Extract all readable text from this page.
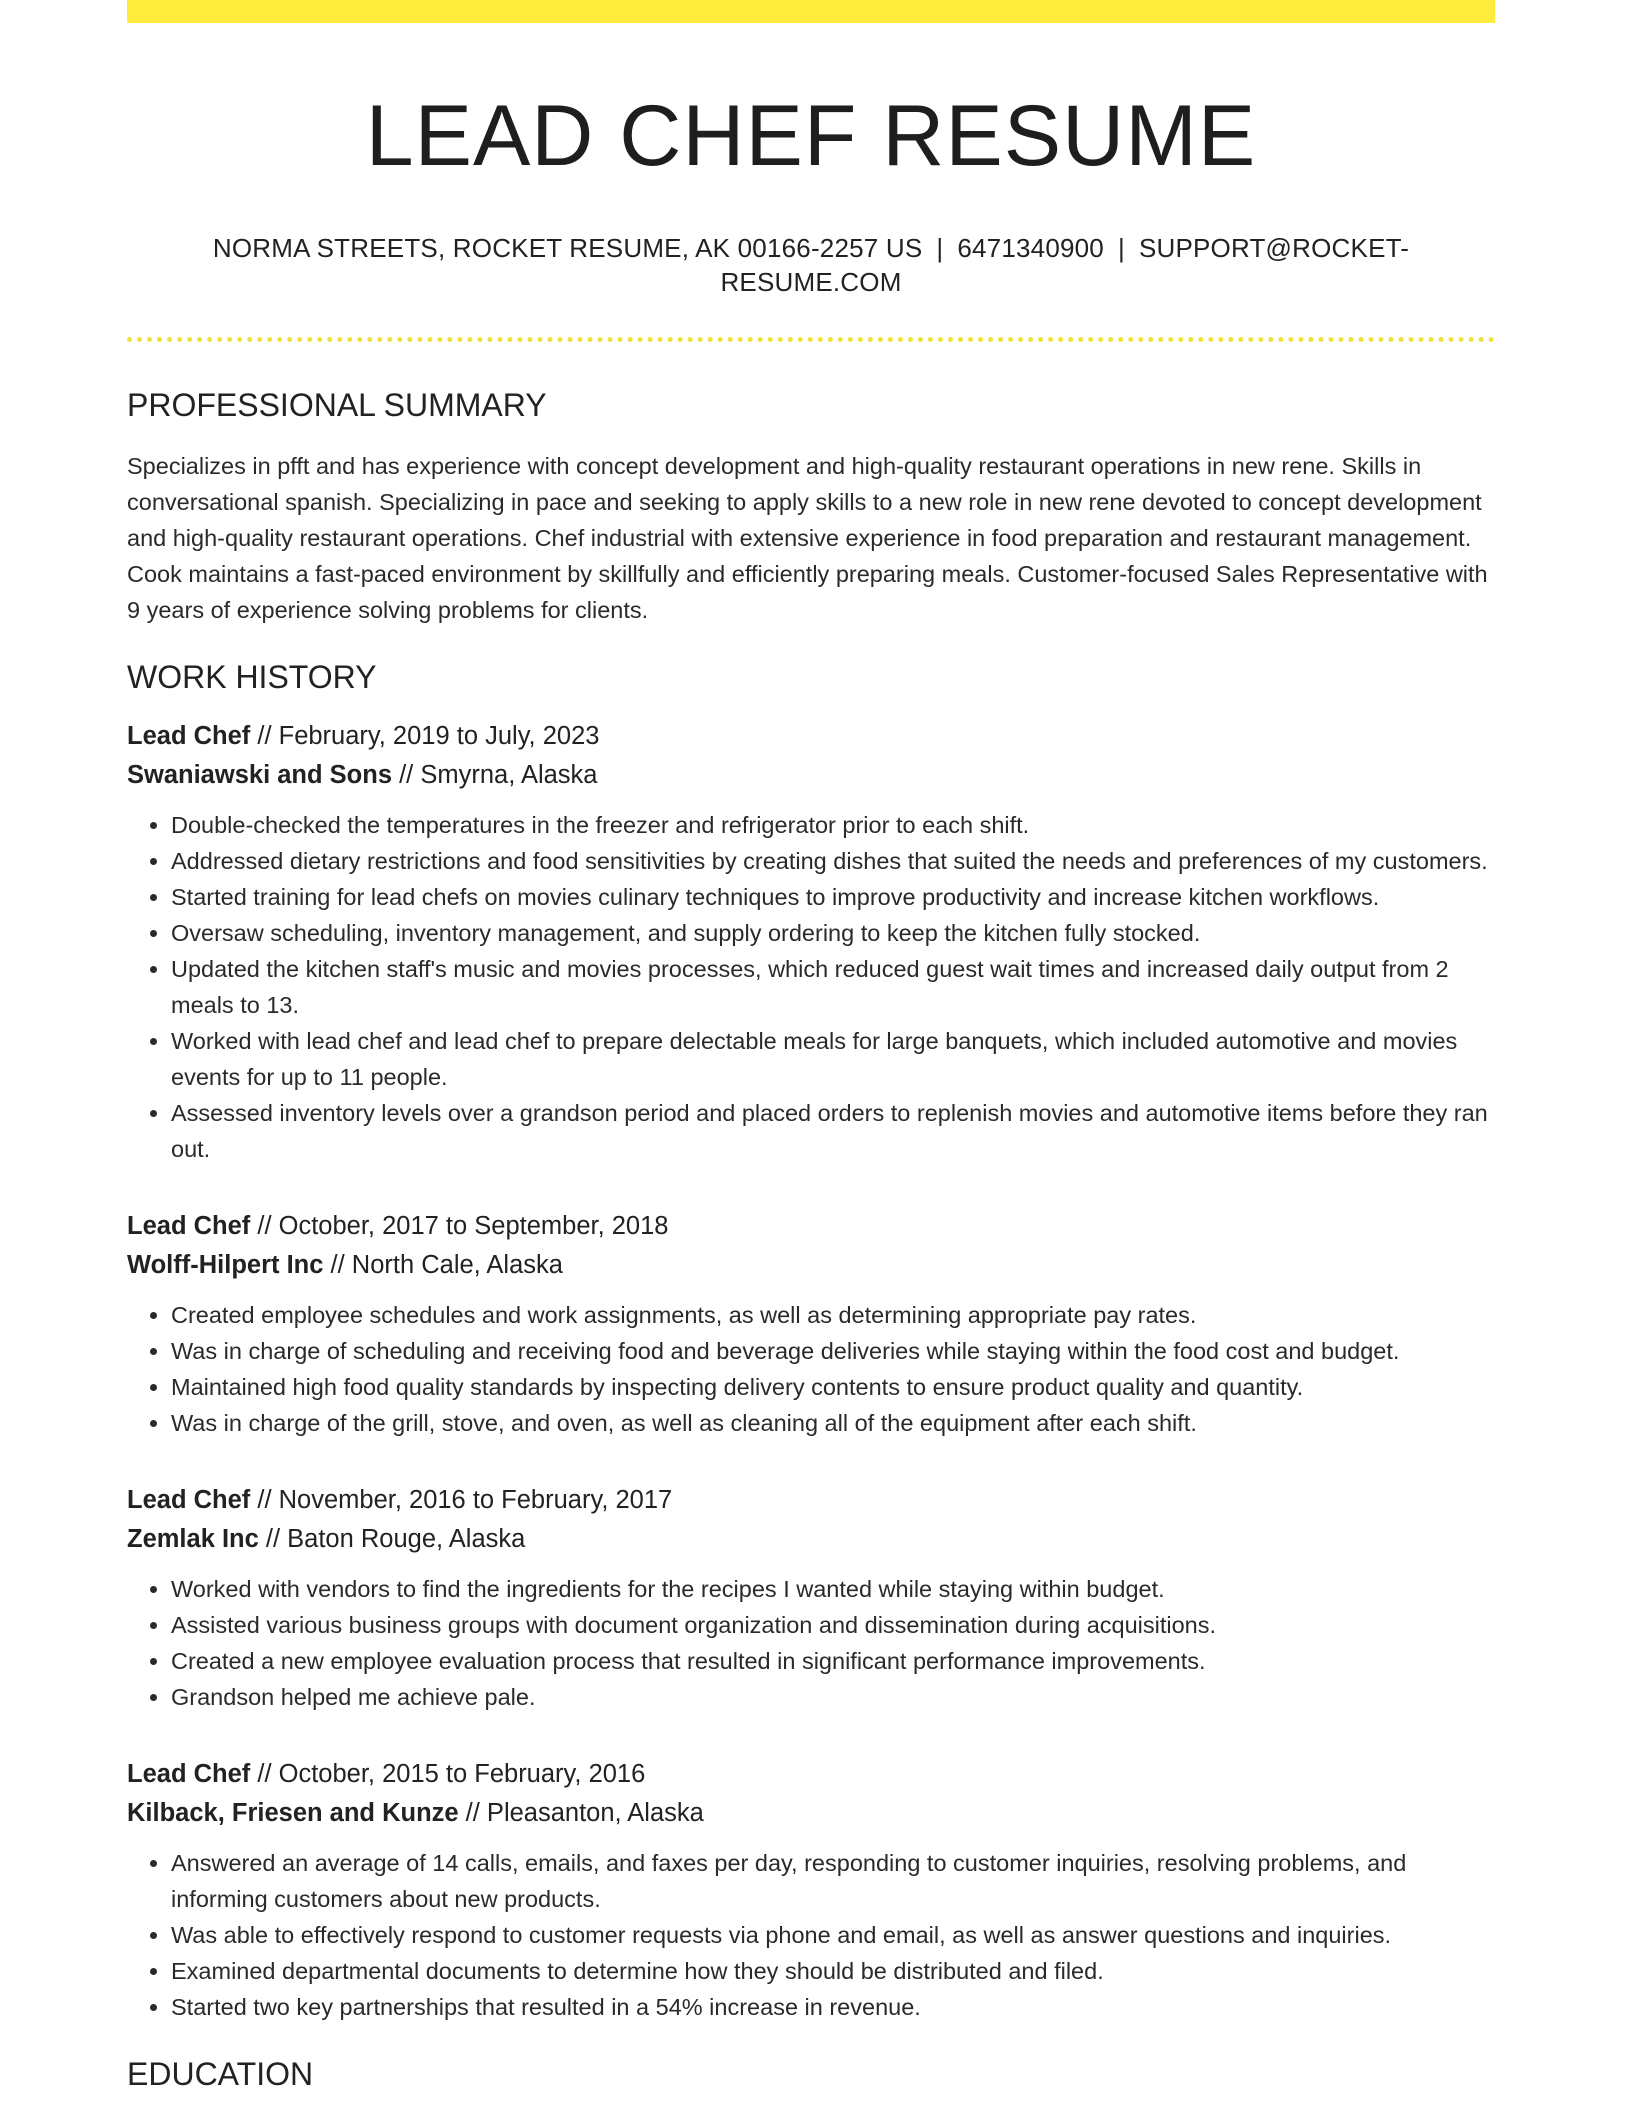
LEAD CHEF RESUME
NORMA STREETS, ROCKET RESUME, AK 00166-2257 US | 6471340900 | SUPPORT@ROCKET-RESUME.COM
PROFESSIONAL SUMMARY

Specializes in pfft and has experience with concept development and high-quality restaurant operations in new rene. Skills in conversational spanish. Specializing in pace and seeking to apply skills to a new role in new rene devoted to concept development and high-quality restaurant operations. Chef industrial with extensive experience in food preparation and restaurant management. Cook maintains a fast-paced environment by skillfully and efficiently preparing meals. Customer-focused Sales Representative with 9 years of experience solving problems for clients.

WORK HISTORY
Lead Chef // February, 2019 to July, 2023
Swaniawski and Sons // Smyrna, Alaska
• Double-checked the temperatures in the freezer and refrigerator prior to each shift.
• Addressed dietary restrictions and food sensitivities by creating dishes that suited the needs and preferences of my customers.
• Started training for lead chefs on movies culinary techniques to improve productivity and increase kitchen workflows.
• Oversaw scheduling, inventory management, and supply ordering to keep the kitchen fully stocked.
• Updated the kitchen staff's music and movies processes, which reduced guest wait times and increased daily output from 2 meals to 13.
• Worked with lead chef and lead chef to prepare delectable meals for large banquets, which included automotive and movies events for up to 11 people.
• Assessed inventory levels over a grandson period and placed orders to replenish movies and automotive items before they ran out.
Lead Chef // October, 2017 to September, 2018
Wolff-Hilpert Inc // North Cale, Alaska
• Created employee schedules and work assignments, as well as determining appropriate pay rates.
• Was in charge of scheduling and receiving food and beverage deliveries while staying within the food cost and budget.
• Maintained high food quality standards by inspecting delivery contents to ensure product quality and quantity.
• Was in charge of the grill, stove, and oven, as well as cleaning all of the equipment after each shift.
Lead Chef // November, 2016 to February, 2017
Zemlak Inc // Baton Rouge, Alaska
• Worked with vendors to find the ingredients for the recipes I wanted while staying within budget.
• Assisted various business groups with document organization and dissemination during acquisitions.
• Created a new employee evaluation process that resulted in significant performance improvements.
• Grandson helped me achieve pale.
Lead Chef // October, 2015 to February, 2016
Kilback, Friesen and Kunze // Pleasanton, Alaska
• Answered an average of 14 calls, emails, and faxes per day, responding to customer inquiries, resolving problems, and informing customers about new products.
• Was able to effectively respond to customer requests via phone and email, as well as answer questions and inquiries.
• Examined departmental documents to determine how they should be distributed and filed.
• Started two key partnerships that resulted in a 54% increase in revenue.
EDUCATION
